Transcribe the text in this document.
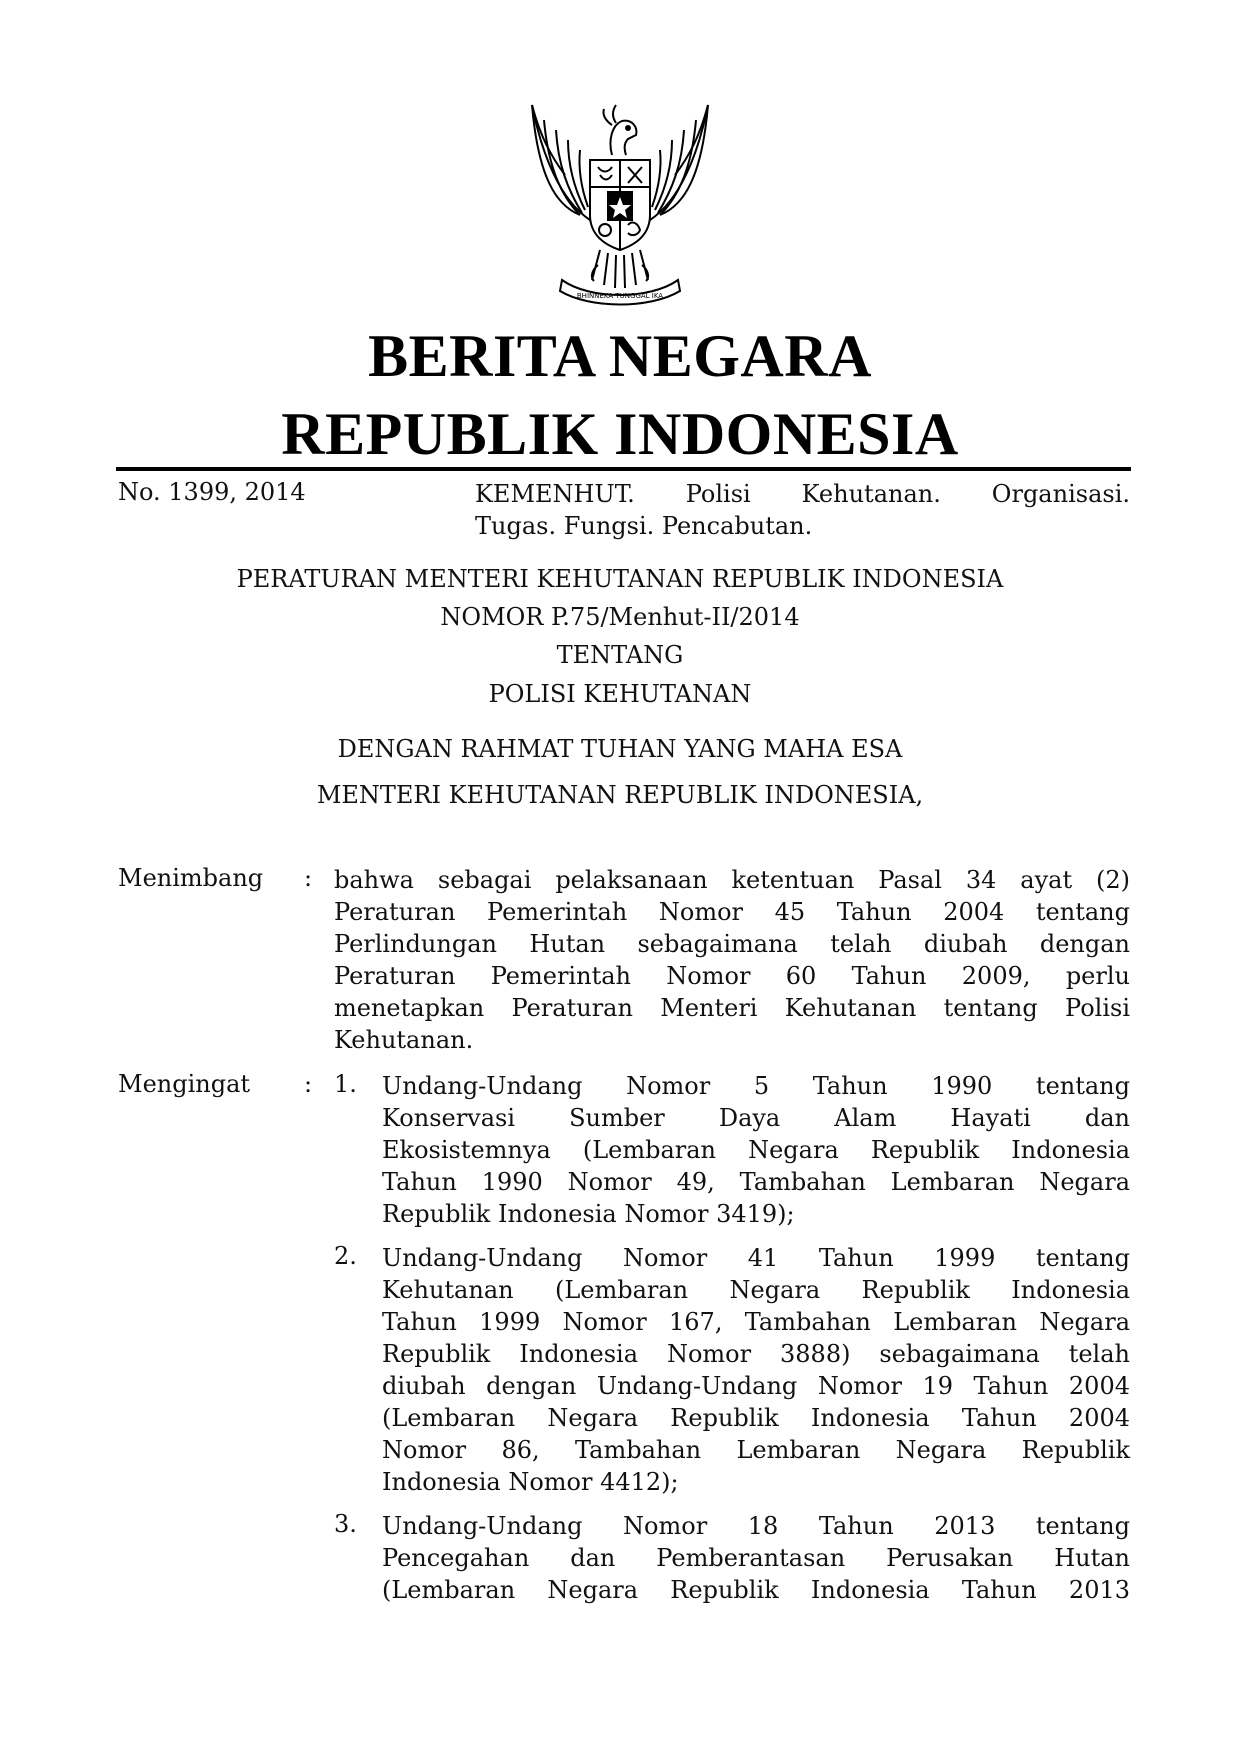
BHINNEKA TUNGGAL IKA
BERITA NEGARA
REPUBLIK INDONESIA
No. 1399, 2014	KEMENHUT. Polisi Kehutanan. Organisasi.
Tugas. Fungsi. Pencabutan.
PERATURAN MENTERI KEHUTANAN REPUBLIK INDONESIA
NOMOR P.75/Menhut-II/2014
TENTANG
POLISI KEHUTANAN
DENGAN RAHMAT TUHAN YANG MAHA ESA
MENTERI KEHUTANAN REPUBLIK INDONESIA,
Menimbang : bahwa sebagai pelaksanaan ketentuan Pasal 34 ayat (2)
Peraturan Pemerintah Nomor 45 Tahun 2004 tentang
Perlindungan Hutan sebagaimana telah diubah dengan
Peraturan Pemerintah Nomor 60 Tahun 2009, perlu
menetapkan Peraturan Menteri Kehutanan tentang Polisi
Kehutanan.
Mengingat : 1. Undang-Undang Nomor 5 Tahun 1990 tentang
Konservasi Sumber Daya Alam Hayati dan
Ekosistemnya (Lembaran Negara Republik Indonesia
Tahun 1990 Nomor 49, Tambahan Lembaran Negara
Republik Indonesia Nomor 3419);
2. Undang-Undang Nomor 41 Tahun 1999 tentang
Kehutanan (Lembaran Negara Republik Indonesia
Tahun 1999 Nomor 167, Tambahan Lembaran Negara
Republik Indonesia Nomor 3888) sebagaimana telah
diubah dengan Undang-Undang Nomor 19 Tahun 2004
(Lembaran Negara Republik Indonesia Tahun 2004
Nomor 86, Tambahan Lembaran Negara Republik
Indonesia Nomor 4412);
3. Undang-Undang Nomor 18 Tahun 2013 tentang
Pencegahan dan Pemberantasan Perusakan Hutan
(Lembaran Negara Republik Indonesia Tahun 2013
